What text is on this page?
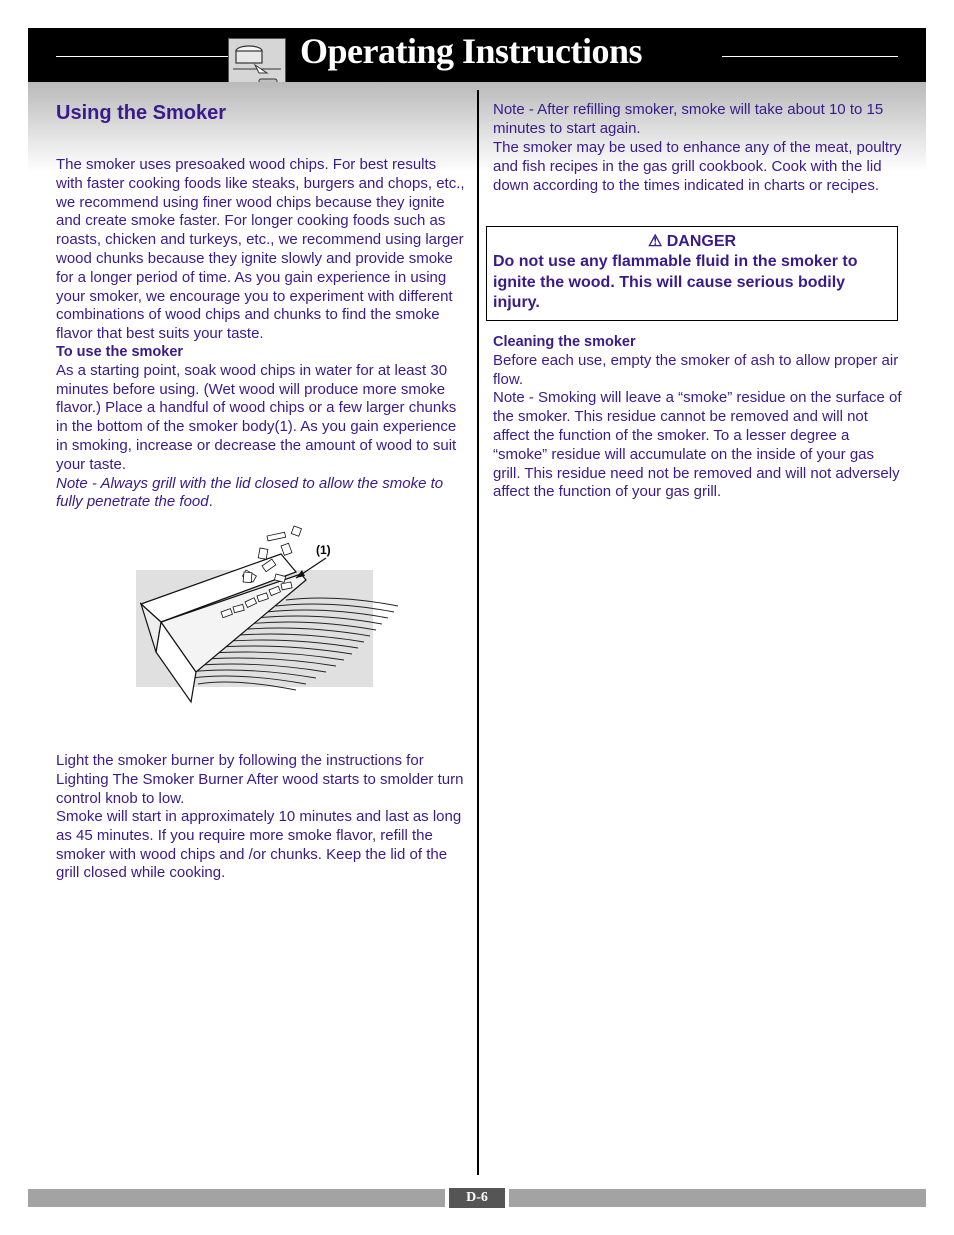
Operating Instructions
Using the Smoker

The smoker uses presoaked wood chips. For best results with faster cooking foods like steaks, burgers and chops, etc., we recommend using finer wood chips because they ignite and create smoke faster. For longer cooking foods such as roasts, chicken and turkeys, etc., we recommend using larger wood chunks because they ignite slowly and provide smoke for a longer period of time. As you gain experience in using your smoker, we encourage you to experiment with different combinations of wood chips and chunks to find the smoke flavor that best suits your taste.

To use the smoker

As a starting point, soak wood chips in water for at least 30 minutes before using. (Wet wood will produce more smoke flavor.) Place a handful of wood chips or a few larger chunks in the bottom of the smoker body(1). As you gain experience in smoking, increase or decrease the amount of wood to suit your taste.

Note - Always grill with the lid closed to allow the smoke to fully penetrate the food.

(1)

Light the smoker burner by following the instructions for Lighting The Smoker Burner After wood starts to smolder turn control knob to low.

Smoke will start in approximately 10 minutes and last as long as 45 minutes. If you require more smoke flavor, refill the smoker with wood chips and /or chunks. Keep the lid of the grill closed while cooking.

Note - After refilling smoker, smoke will take about 10 to 15 minutes to start again.

The smoker may be used to enhance any of the meat, poultry and fish recipes in the gas grill cookbook. Cook with the lid down according to the times indicated in charts or recipes.

⚠ DANGER
Do not use any flammable fluid in the smoker to ignite the wood. This will cause serious bodily injury.

Cleaning the smoker

Before each use, empty the smoker of ash to allow proper air flow.

Note - Smoking will leave a “smoke” residue on the surface of the smoker. This residue cannot be removed and will not affect the function of the smoker. To a lesser degree a “smoke” residue will accumulate on the inside of your gas grill. This residue need not be removed and will not adversely affect the function of your gas grill.

D-6
